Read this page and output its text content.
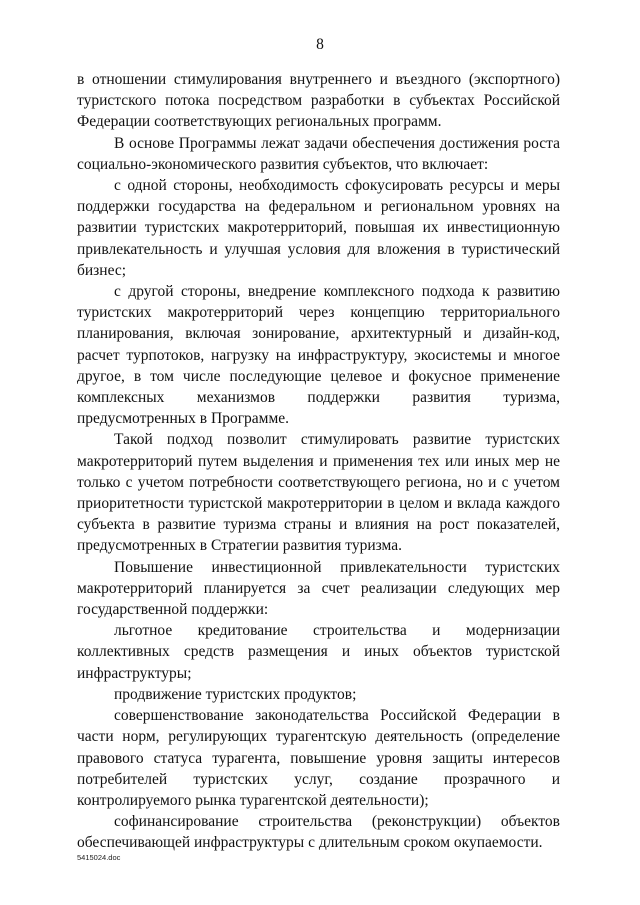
8

в отношении стимулирования внутреннего и въездного (экспортного) туристского потока посредством разработки в субъектах Российской Федерации соответствующих региональных программ.

В основе Программы лежат задачи обеспечения достижения роста социально-экономического развития субъектов, что включает:

с одной стороны, необходимость сфокусировать ресурсы и меры поддержки государства на федеральном и региональном уровнях на развитии туристских макротерриторий, повышая их инвестиционную привлекательность и улучшая условия для вложения в туристический бизнес;

с другой стороны, внедрение комплексного подхода к развитию туристских макротерриторий через концепцию территориального планирования, включая зонирование, архитектурный и дизайн-код, расчет турпотоков, нагрузку на инфраструктуру, экосистемы и многое другое, в том числе последующие целевое и фокусное применение комплексных механизмов поддержки развития туризма, предусмотренных в Программе.

Такой подход позволит стимулировать развитие туристских макротерриторий путем выделения и применения тех или иных мер не только с учетом потребности соответствующего региона, но и с учетом приоритетности туристской макротерритории в целом и вклада каждого субъекта в развитие туризма страны и влияния на рост показателей, предусмотренных в Стратегии развития туризма.

Повышение инвестиционной привлекательности туристских макротерриторий планируется за счет реализации следующих мер государственной поддержки:

льготное кредитование строительства и модернизации коллективных средств размещения и иных объектов туристской инфраструктуры;

продвижение туристских продуктов;

совершенствование законодательства Российской Федерации в части норм, регулирующих турагентскую деятельность (определение правового статуса турагента, повышение уровня защиты интересов потребителей туристских услуг, создание прозрачного и контролируемого рынка турагентской деятельности);

софинансирование строительства (реконструкции) объектов обеспечивающей инфраструктуры с длительным сроком окупаемости.

5415024.doc
